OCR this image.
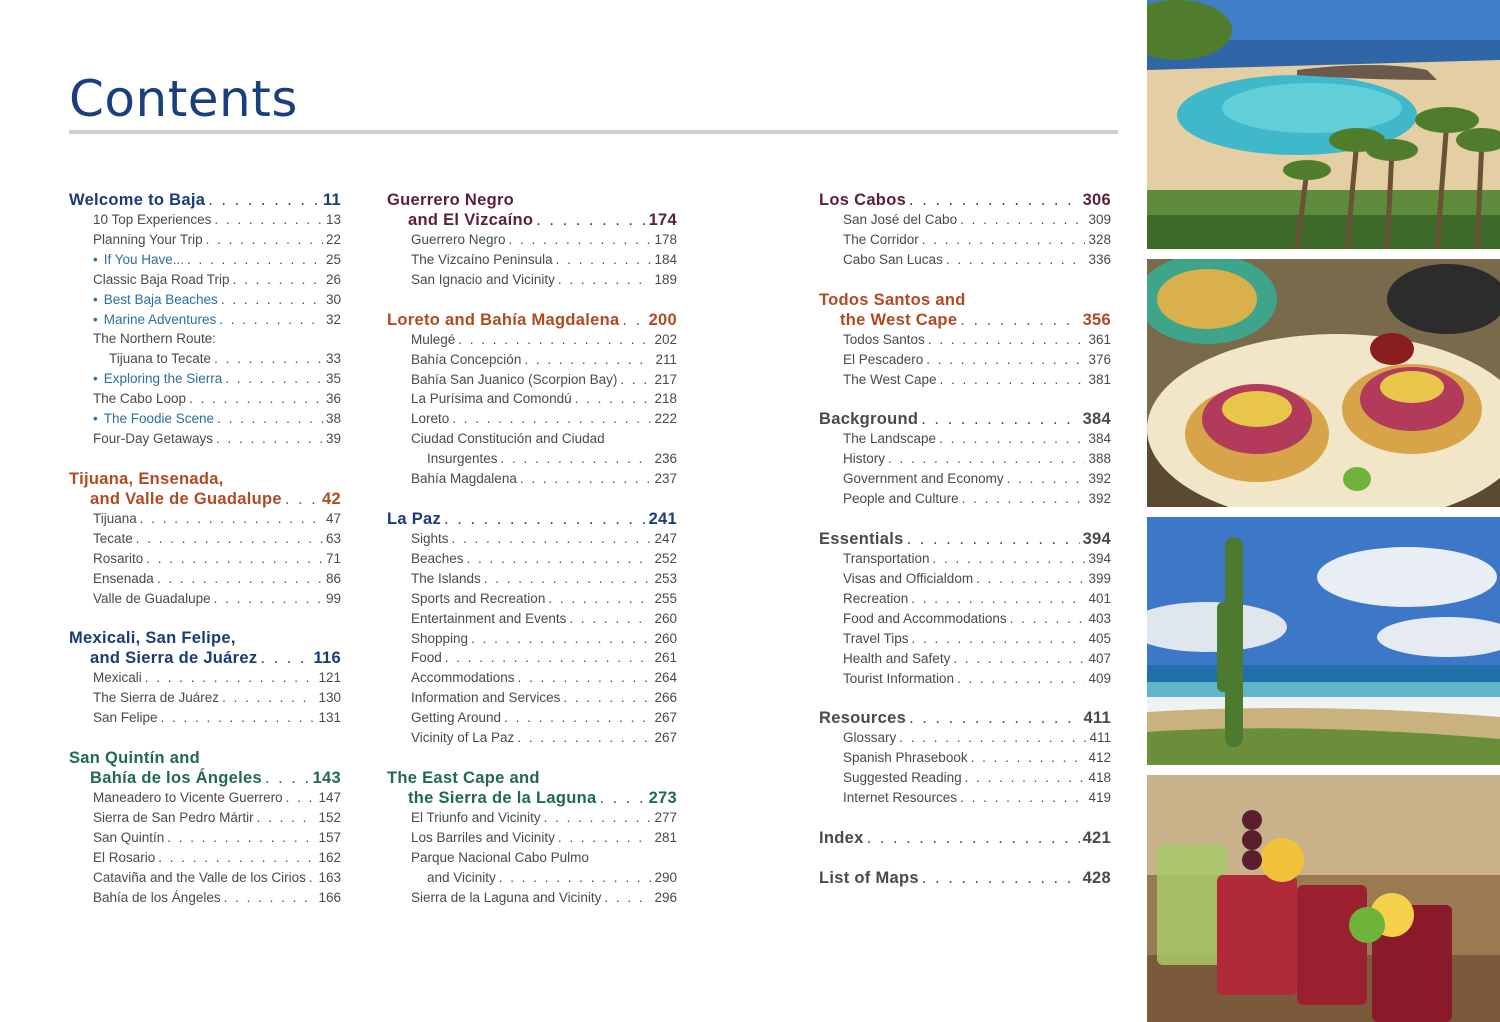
Contents
Welcome to Baja . . .	11
10 Top Experiences . . .	13
Planning Your Trip . . .	22
• If You Have... . . .	25
Classic Baja Road Trip . . .	26
• Best Baja Beaches . . .	30
• Marine Adventures . . .	32
The Northern Route:
Tijuana to Tecate . . .	33
• Exploring the Sierra . . .	35
The Cabo Loop . . .	36
• The Foodie Scene . . .	38
Four-Day Getaways . . .	39
Tijuana, Ensenada,
and Valle de Guadalupe . . . 42
Tijuana . . .	47
Tecate . . .	63
Rosarito . . .	71
Ensenada . . .	86
Valle de Guadalupe . . .	99
Mexicali, San Felipe,
and Sierra de Juárez . . .	116
Mexicali . . .	121
The Sierra de Juárez . . .	130
San Felipe . . .	131
San Quintín and
Bahía de los Ángeles . . .	143
Maneadero to Vicente Guerrero . . .	147
Sierra de San Pedro Mártir . . .	152
San Quintín . . .	157
El Rosario . . .	162
Cataviña and the Valle de los Cirios . . . 163
Bahía de los Ángeles . . .	166
Guerrero Negro
and El Vizcaíno . . .	174
Guerrero Negro . . .	178
The Vizcaíno Peninsula . . .	184
San Ignacio and Vicinity . . .	189
Loreto and Bahía Magdalena . . . 200
Mulegé . . .	202
Bahía Concepción . . .	211
Bahía San Juanico (Scorpion Bay) . . .	217
La Purísima and Comondú . . .	218
Loreto . . .	222
Ciudad Constitución and Ciudad
Insurgentes . . .	236
Bahía Magdalena . . .	237
La Paz . . .	241
Sights . . .	247
Beaches . . .	252
The Islands . . .	253
Sports and Recreation . . .	255
Entertainment and Events . . .	260
Shopping . . .	260
Food . . .	261
Accommodations . . .	264
Information and Services . . .	266
Getting Around . . .	267
Vicinity of La Paz . . .	267
The East Cape and
the Sierra de la Laguna . . .	273
El Triunfo and Vicinity . . .	277
Los Barriles and Vicinity . . .	281
Parque Nacional Cabo Pulmo
and Vicinity . . .	290
Sierra de la Laguna and Vicinity . . .	296
Los Cabos . . .	306
San José del Cabo . . .	309
The Corridor . . .	328
Cabo San Lucas . . .	336
Todos Santos and
the West Cape . . .	356
Todos Santos . . .	361
El Pescadero . . .	376
The West Cape . . .	381
Background . . .	384
The Landscape . . .	384
History . . .	388
Government and Economy . . .	392
People and Culture . . .	392
Essentials . . .	394
Transportation . . .	394
Visas and Officialdom . . .	399
Recreation . . .	401
Food and Accommodations . . .	403
Travel Tips . . .	405
Health and Safety . . .	407
Tourist Information . . .	409
Resources . . .	411
Glossary . . .	411
Spanish Phrasebook . . .	412
Suggested Reading . . .	418
Internet Resources . . .	419
Index . . .	421
List of Maps . . .	428
